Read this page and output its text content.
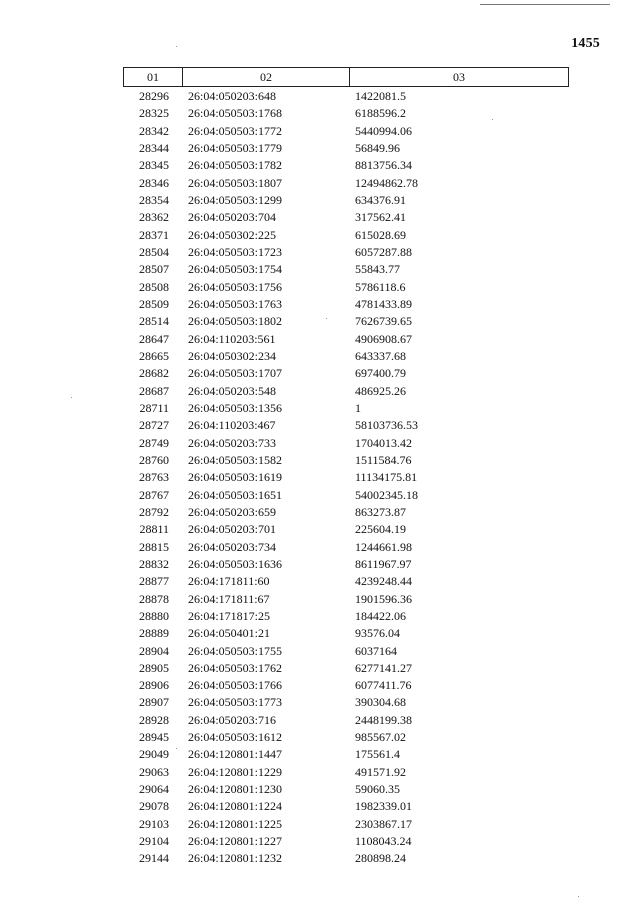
1455
01	02	03
28296	26:04:050203:648	1422081.5
28325	26:04:050503:1768	6188596.2
28342	26:04:050503:1772	5440994.06
28344	26:04:050503:1779	56849.96
28345	26:04:050503:1782	8813756.34
28346	26:04:050503:1807	12494862.78
28354	26:04:050503:1299	634376.91
28362	26:04:050203:704	317562.41
28371	26:04:050302:225	615028.69
28504	26:04:050503:1723	6057287.88
28507	26:04:050503:1754	55843.77
28508	26:04:050503:1756	5786118.6
28509	26:04:050503:1763	4781433.89
28514	26:04:050503:1802	7626739.65
28647	26:04:110203:561	4906908.67
28665	26:04:050302:234	643337.68
28682	26:04:050503:1707	697400.79
28687	26:04:050203:548	486925.26
28711	26:04:050503:1356	1
28727	26:04:110203:467	58103736.53
28749	26:04:050203:733	1704013.42
28760	26:04:050503:1582	1511584.76
28763	26:04:050503:1619	11134175.81
28767	26:04:050503:1651	54002345.18
28792	26:04:050203:659	863273.87
28811	26:04:050203:701	225604.19
28815	26:04:050203:734	1244661.98
28832	26:04:050503:1636	8611967.97
28877	26:04:171811:60	4239248.44
28878	26:04:171811:67	1901596.36
28880	26:04:171817:25	184422.06
28889	26:04:050401:21	93576.04
28904	26:04:050503:1755	6037164
28905	26:04:050503:1762	6277141.27
28906	26:04:050503:1766	6077411.76
28907	26:04:050503:1773	390304.68
28928	26:04:050203:716	2448199.38
28945	26:04:050503:1612	985567.02
29049	26:04:120801:1447	175561.4
29063	26:04:120801:1229	491571.92
29064	26:04:120801:1230	59060.35
29078	26:04:120801:1224	1982339.01
29103	26:04:120801:1225	2303867.17
29104	26:04:120801:1227	1108043.24
29144	26:04:120801:1232	280898.24
